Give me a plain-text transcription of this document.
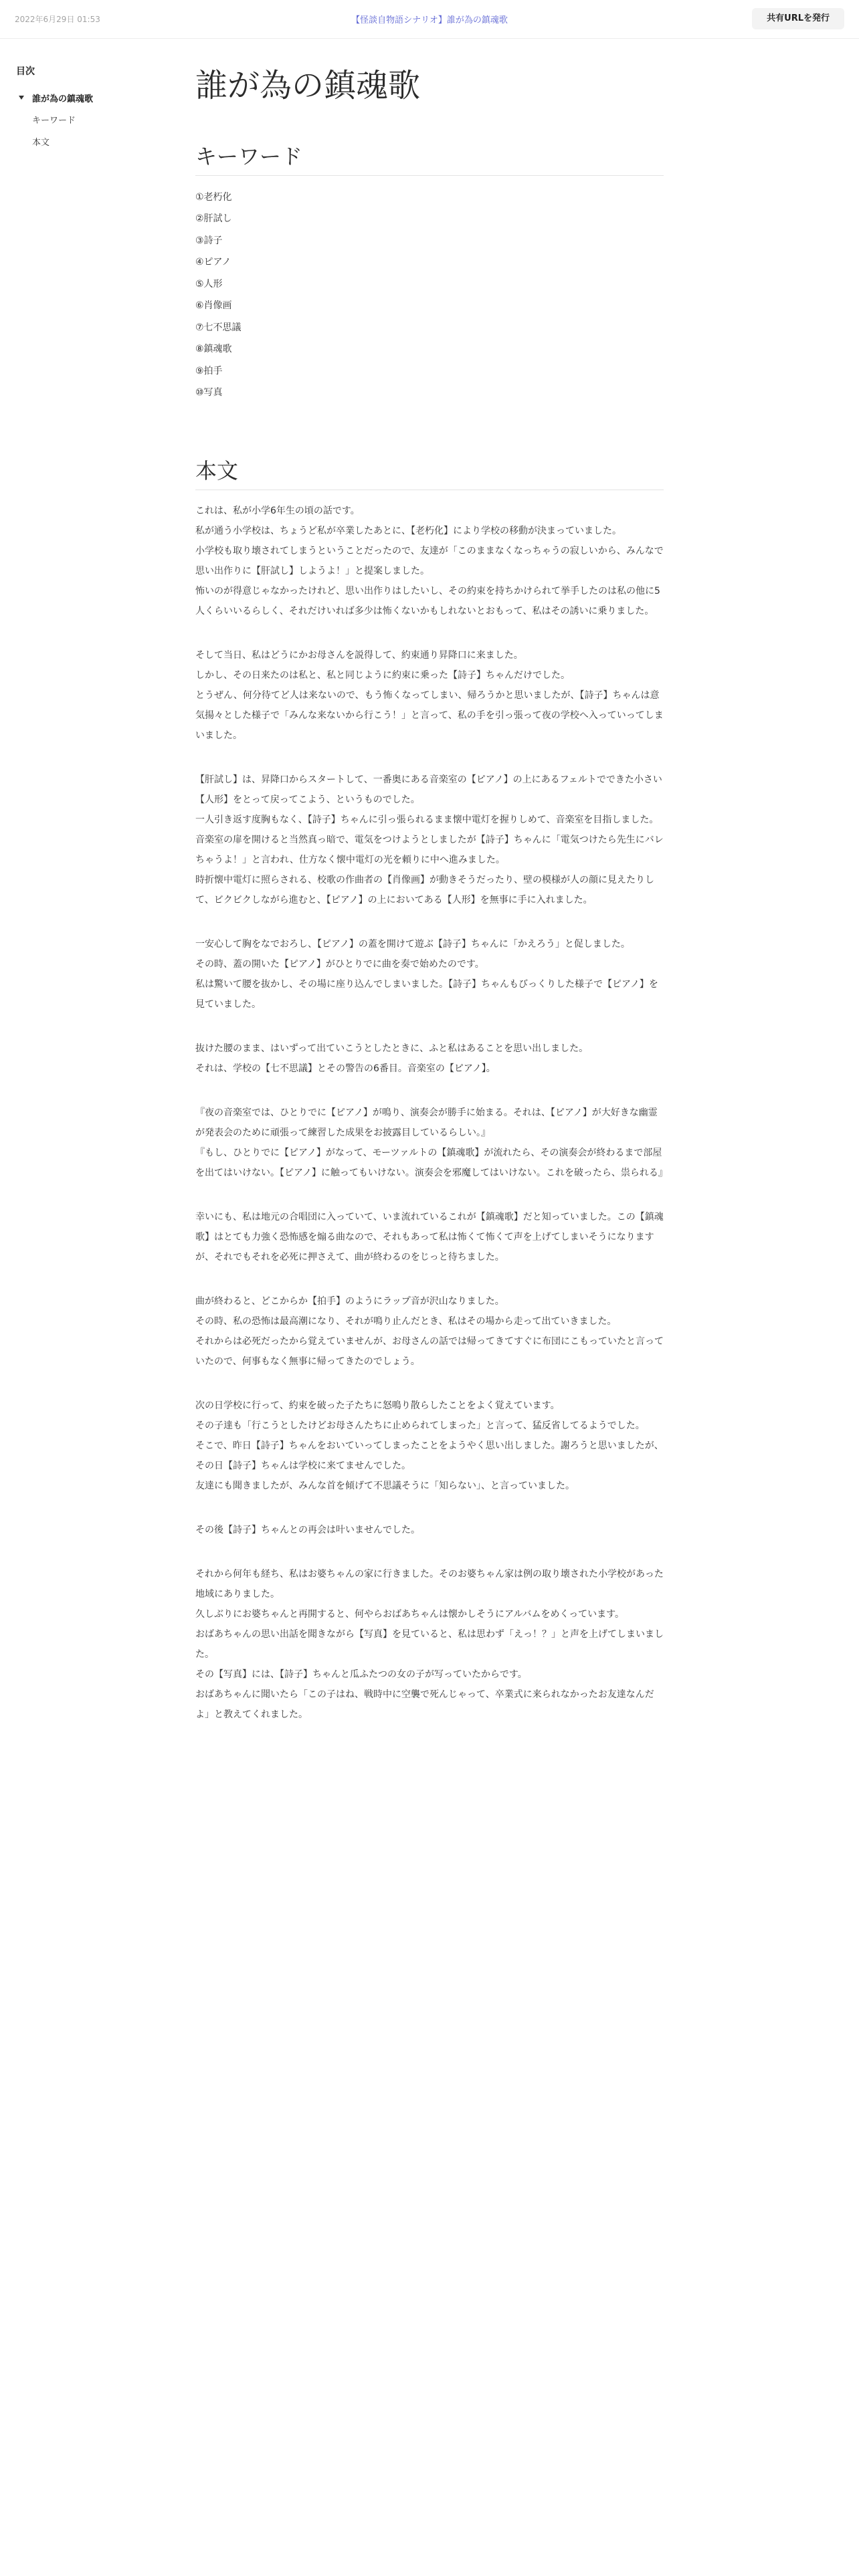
2022年6月29日 01:53	【怪談自物語シナリオ】誰が為の鎮魂歌	共有URLを発行
目次
誰が為の鎮魂歌
キーワード
本文
誰が為の鎮魂歌
キーワード
①老朽化
②肝試し
③詩子
④ピアノ
⑤人形
⑥肖像画
⑦七不思議
⑧鎮魂歌
⑨拍手
⑩写真
本文

これは、私が小学6年生の頃の話です。

私が通う小学校は、ちょうど私が卒業したあとに、【老朽化】により学校の移動が決まっていました。

小学校も取り壊されてしまうということだったので、友達が「このままなくなっちゃうの寂しいから、みんなで思い出作りに【肝試し】しようよ！」と提案しました。

怖いのが得意じゃなかったけれど、思い出作りはしたいし、その約束を持ちかけられて挙手したのは私の他に5人くらいいるらしく、それだけいれば多少は怖くないかもしれないとおもって、私はその誘いに乗りました。

そして当日、私はどうにかお母さんを説得して、約束通り昇降口に来ました。

しかし、その日来たのは私と、私と同じように約束に乗った【詩子】ちゃんだけでした。

とうぜん、何分待てど人は来ないので、もう怖くなってしまい、帰ろうかと思いましたが、【詩子】ちゃんは意気揚々とした様子で「みんな来ないから行こう！」と言って、私の手を引っ張って夜の学校へ入っていってしまいました。

【肝試し】は、昇降口からスタートして、一番奥にある音楽室の【ピアノ】の上にあるフェルトでできた小さい【人形】をとって戻ってこよう、というものでした。

一人引き返す度胸もなく、【詩子】ちゃんに引っ張られるまま懐中電灯を握りしめて、音楽室を目指しました。

音楽室の扉を開けると当然真っ暗で、電気をつけようとしましたが【詩子】ちゃんに「電気つけたら先生にバレちゃうよ！」と言われ、仕方なく懐中電灯の光を頼りに中へ進みました。

時折懐中電灯に照らされる、校歌の作曲者の【肖像画】が動きそうだったり、壁の模様が人の顔に見えたりして、ビクビクしながら進むと、【ピアノ】の上においてある【人形】を無事に手に入れました。

一安心して胸をなでおろし、【ピアノ】の蓋を開けて遊ぶ【詩子】ちゃんに「かえろう」と促しました。

その時、蓋の開いた【ピアノ】がひとりでに曲を奏で始めたのです。

私は驚いて腰を抜かし、その場に座り込んでしまいました。【詩子】ちゃんもびっくりした様子で【ピアノ】を見ていました。

抜けた腰のまま、はいずって出ていこうとしたときに、ふと私はあることを思い出しました。

それは、学校の【七不思議】とその警告の6番目。音楽室の【ピアノ】。

『夜の音楽室では、ひとりでに【ピアノ】が鳴り、演奏会が勝手に始まる。それは、【ピアノ】が大好きな幽霊が発表会のために頑張って練習した成果をお披露目しているらしい。』

『もし、ひとりでに【ピアノ】がなって、モーツァルトの【鎮魂歌】が流れたら、その演奏会が終わるまで部屋を出てはいけない。【ピアノ】に触ってもいけない。演奏会を邪魔してはいけない。これを破ったら、祟られる』

幸いにも、私は地元の合唱団に入っていて、いま流れているこれが【鎮魂歌】だと知っていました。この【鎮魂歌】はとても力強く恐怖感を煽る曲なので、それもあって私は怖くて怖くて声を上げてしまいそうになりますが、それでもそれを必死に押さえて、曲が終わるのをじっと待ちました。

曲が終わると、どこからか【拍手】のようにラップ音が沢山なりました。

その時、私の恐怖は最高潮になり、それが鳴り止んだとき、私はその場から走って出ていきました。

それからは必死だったから覚えていませんが、お母さんの話では帰ってきてすぐに布団にこもっていたと言っていたので、何事もなく無事に帰ってきたのでしょう。

次の日学校に行って、約束を破った子たちに怒鳴り散らしたことをよく覚えています。

その子達も「行こうとしたけどお母さんたちに止められてしまった」と言って、猛反省してるようでした。

そこで、昨日【詩子】ちゃんをおいていってしまったことをようやく思い出しました。謝ろうと思いましたが、その日【詩子】ちゃんは学校に来てませんでした。

友達にも聞きましたが、みんな首を傾げて不思議そうに「知らない」、と言っていました。

その後【詩子】ちゃんとの再会は叶いませんでした。

それから何年も経ち、私はお婆ちゃんの家に行きました。そのお婆ちゃん家は例の取り壊された小学校があった地域にありました。

久しぶりにお婆ちゃんと再開すると、何やらおばあちゃんは懐かしそうにアルバムをめくっています。

おばあちゃんの思い出話を聞きながら【写真】を見ていると、私は思わず「えっ！？」と声を上げてしまいました。

その【写真】には、【詩子】ちゃんと瓜ふたつの女の子が写っていたからです。

おばあちゃんに聞いたら「この子はね、戦時中に空襲で死んじゃって、卒業式に来られなかったお友達なんだよ」と教えてくれました。
